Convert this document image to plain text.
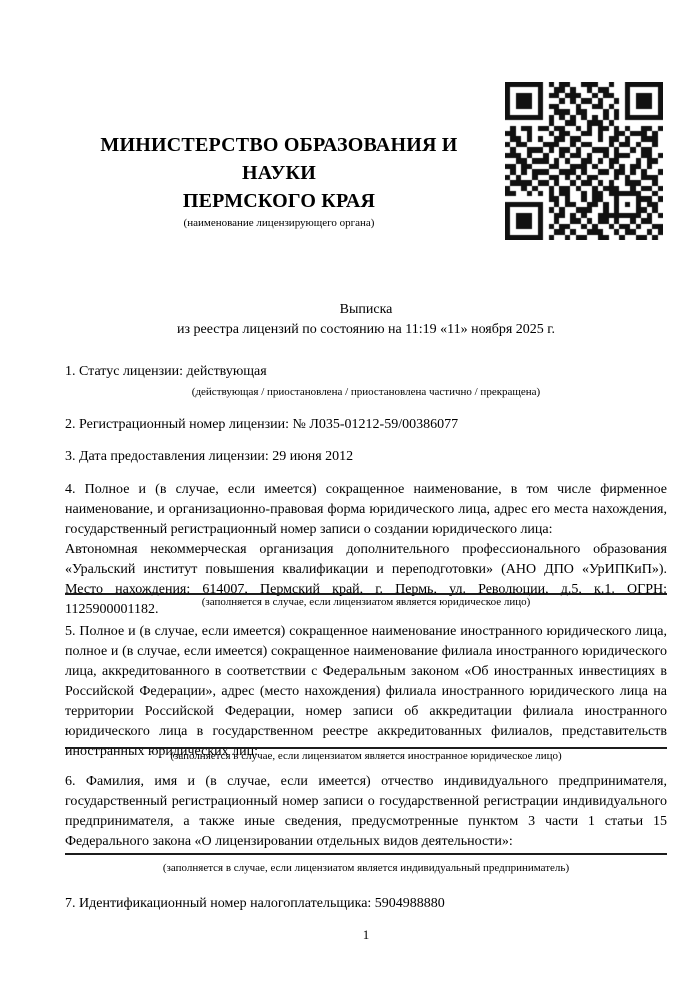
МИНИСТЕРСТВО ОБРАЗОВАНИЯ И НАУКИ
ПЕРМСКОГО КРАЯ
(наименование лицензирующего органа)
Выписка
из реестра лицензий по состоянию на 11:19 «11» ноября 2025 г.
1. Статус лицензии: действующая
(действующая / приостановлена / приостановлена частично / прекращена)
2. Регистрационный номер лицензии: № Л035-01212-59/00386077
3. Дата предоставления лицензии: 29 июня 2012
4. Полное и (в случае, если имеется) сокращенное наименование, в том числе фирменное наименование, и организационно-правовая форма юридического лица, адрес его места нахождения, государственный регистрационный номер записи о создании юридического лица:
Автономная некоммерческая организация дополнительного профессионального образования «Уральский институт повышения квалификации и переподготовки» (АНО ДПО «УрИПКиП»). Место нахождения: 614007, Пермский край, г. Пермь, ул. Революции, д.5, к.1. ОГРН: 1125900001182.	(заполняется в случае, если лицензиатом является юридическое лицо)
5. Полное и (в случае, если имеется) сокращенное наименование иностранного юридического лица, полное и (в случае, если имеется) сокращенное наименование филиала иностранного юридического лица, аккредитованного в соответствии с Федеральным законом «Об иностранных инвестициях в Российской Федерации», адрес (место нахождения) филиала иностранного юридического лица на территории Российской Федерации, номер записи об аккредитации филиала иностранного юридического лица в государственном реестре аккредитованных филиалов, представительств иностранных юридических лиц:
(заполняется в случае, если лицензиатом является иностранное юридическое лицо)
6. Фамилия, имя и (в случае, если имеется) отчество индивидуального предпринимателя, государственный регистрационный номер записи о государственной регистрации индивидуального предпринимателя, а также иные сведения, предусмотренные пунктом 3 части 1 статьи 15 Федерального закона «О лицензировании отдельных видов деятельности»:
(заполняется в случае, если лицензиатом является индивидуальный предприниматель)
7. Идентификационный номер налогоплательщика: 5904988880
1
